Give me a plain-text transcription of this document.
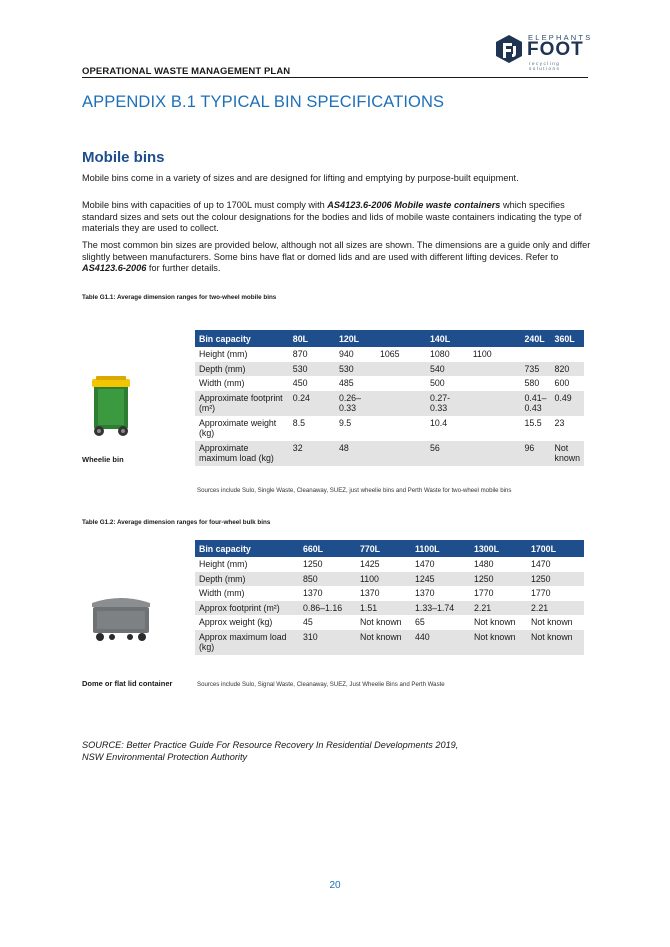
OPERATIONAL WASTE MANAGEMENT PLAN
ELEPHANTS
FOOT
recycling solutions
APPENDIX B.1 TYPICAL BIN SPECIFICATIONS
Mobile bins
Mobile bins come in a variety of sizes and are designed for lifting and emptying by purpose-built equipment.
Mobile bins with capacities of up to 1700L must comply with AS4123.6-2006 Mobile waste containers which specifies standard sizes and sets out the colour designations for the bodies and lids of mobile waste containers indicating the type of materials they are used to collect.
The most common bin sizes are provided below, although not all sizes are shown. The dimensions are a guide only and differ slightly between manufacturers. Some bins have flat or domed lids and are used with different lifting devices. Refer to AS4123.6-2006 for further details.
Table G1.1: Average dimension ranges for two-wheel mobile bins
Wheelie bin
Bin capacity	80L	120L		140L		240L	360L
Height (mm)	870	940	1065	1080	1100		
Depth (mm)	530	530		540		735	820
Width (mm)	450	485		500		580	600
Approximate footprint (m²)	0.24	0.26–0.33		0.27-0.33		0.41–0.43	0.49
Approximate weight (kg)	8.5	9.5		10.4		15.5	23
Approximate maximum load (kg)	32	48		56		96	Not known
Sources include Sulo, Single Waste, Cleanaway, SUEZ, just wheelie bins and Perth Waste for two-wheel mobile bins
Table G1.2: Average dimension ranges for four-wheel bulk bins
Dome or flat lid container
Bin capacity	660L	770L	1100L	1300L	1700L
Height (mm)	1250	1425	1470	1480	1470
Depth (mm)	850	1100	1245	1250	1250
Width (mm)	1370	1370	1370	1770	1770
Approx footprint (m²)	0.86–1.16	1.51	1.33–1.74	2.21	2.21
Approx weight (kg)	45	Not known	65	Not known	Not known
Approx maximum load (kg)	310	Not known	440	Not known	Not known
Sources include Sulo, Signal Waste, Cleanaway, SUEZ, Just Wheelie Bins and Perth Waste
SOURCE: Better Practice Guide For Resource Recovery In Residential Developments 2019,
NSW Environmental Protection Authority
20
